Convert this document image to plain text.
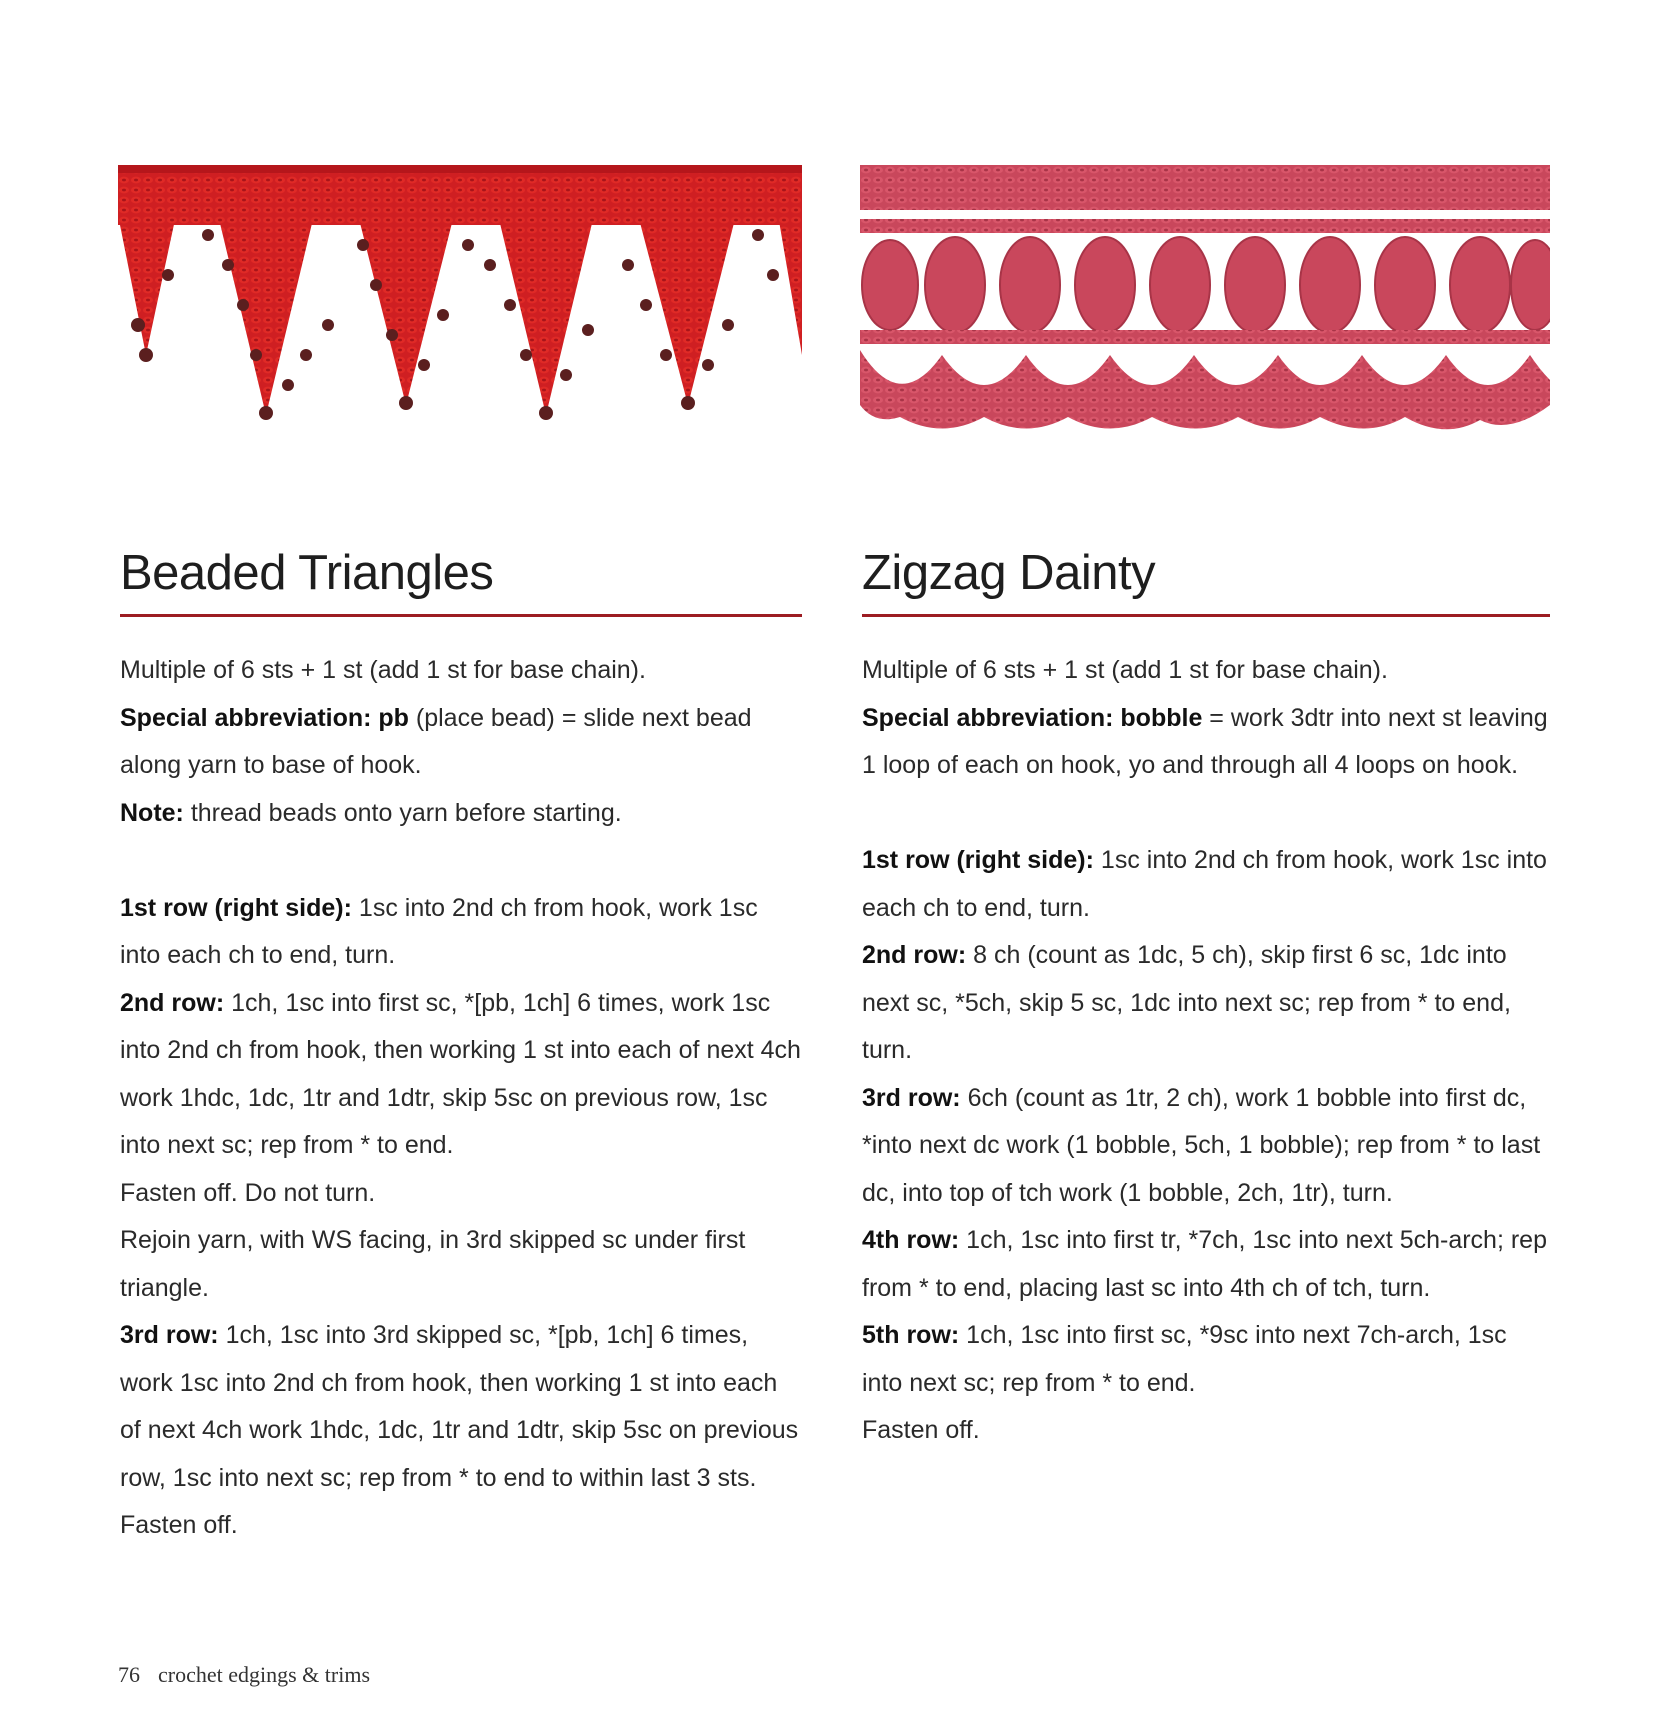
Beaded Triangles

Multiple of 6 sts + 1 st (add 1 st for base chain).

Special abbreviation: pb (place bead) = slide next bead along yarn to base of hook.

Note: thread beads onto yarn before starting.

1st row (right side): 1sc into 2nd ch from hook, work 1sc into each ch to end, turn.

2nd row: 1ch, 1sc into first sc, *[pb, 1ch] 6 times, work 1sc into 2nd ch from hook, then working 1 st into each of next 4ch work 1hdc, 1dc, 1tr and 1dtr, skip 5sc on previous row, 1sc into next sc; rep from * to end.

Fasten off. Do not turn.

Rejoin yarn, with WS facing, in 3rd skipped sc under first triangle.

3rd row: 1ch, 1sc into 3rd skipped sc, *[pb, 1ch] 6 times, work 1sc into 2nd ch from hook, then working 1 st into each of next 4ch work 1hdc, 1dc, 1tr and 1dtr, skip 5sc on previous row, 1sc into next sc; rep from * to end to within last 3 sts.

Fasten off.

Zigzag Dainty

Multiple of 6 sts + 1 st (add 1 st for base chain).

Special abbreviation: bobble = work 3dtr into next st leaving 1 loop of each on hook, yo and through all 4 loops on hook.

1st row (right side): 1sc into 2nd ch from hook, work 1sc into each ch to end, turn.

2nd row: 8 ch (count as 1dc, 5 ch), skip first 6 sc, 1dc into next sc, *5ch, skip 5 sc, 1dc into next sc; rep from * to end, turn.

3rd row: 6ch (count as 1tr, 2 ch), work 1 bobble into first dc, *into next dc work (1 bobble, 5ch, 1 bobble); rep from * to last dc, into top of tch work (1 bobble, 2ch, 1tr), turn.

4th row: 1ch, 1sc into first tr, *7ch, 1sc into next 5ch-arch; rep from * to end, placing last sc into 4th ch of tch, turn.

5th row: 1ch, 1sc into first sc, *9sc into next 7ch-arch, 1sc into next sc; rep from * to end.

Fasten off.

76 crochet edgings & trims
